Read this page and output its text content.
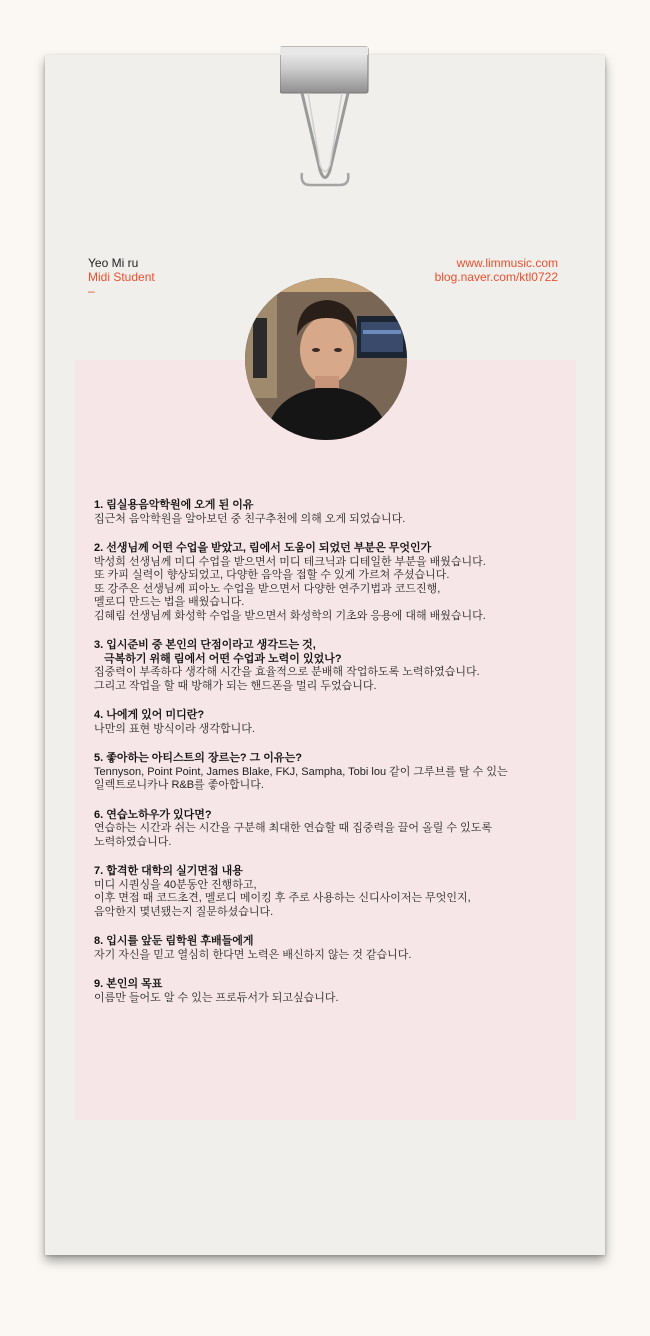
Yeo Mi ru
Midi Student
–
www.limmusic.com
blog.naver.com/ktl0722
1. 림실용음악학원에 오게 된 이유
집근처 음악학원을 알아보던 중 친구추천에 의해 오게 되었습니다.
2. 선생님께 어떤 수업을 받았고, 림에서 도움이 되었던 부분은 무엇인가
박성희 선생님께 미디 수업을 받으면서 미디 테크닉과 디테일한 부분을 배웠습니다.
또 카피 실력이 향상되었고, 다양한 음악을 접할 수 있게 가르쳐 주셨습니다.
또 강주은 선생님께 피아노 수업을 받으면서 다양한 연주기법과 코드진행,
멜로디 만드는 법을 배웠습니다.
김혜림 선생님께 화성학 수업을 받으면서 화성학의 기초와 응용에 대해 배웠습니다.
3. 입시준비 중 본인의 단점이라고 생각드는 것,
극복하기 위해 림에서 어떤 수업과 노력이 있었나?
집중력이 부족하다 생각해 시간을 효율적으로 분배해 작업하도록 노력하였습니다.
그리고 작업을 할 때 방해가 되는 핸드폰을 멀리 두었습니다.
4. 나에게 있어 미디란?
나만의 표현 방식이라 생각합니다.
5. 좋아하는 아티스트의 장르는? 그 이유는?
Tennyson, Point Point, James Blake, FKJ, Sampha, Tobi lou 같이 그루브를 탈 수 있는
일렉트로니카나 R&B를 좋아합니다.
6. 연습노하우가 있다면?
연습하는 시간과 쉬는 시간을 구분해 최대한 연습할 때 집중력을 끌어 올릴 수 있도록
노력하였습니다.
7. 합격한 대학의 실기면접 내용
미디 시퀀싱을 40분동안 진행하고,
이후 면접 때 코드초견, 멜로디 메이킹 후 주로 사용하는 신디사이저는 무엇인지,
음악한지 몇년됐는지 질문하셨습니다.
8. 입시를 앞둔 림학원 후배들에게
자기 자신을 믿고 열심히 한다면 노력은 배신하지 않는 것 같습니다.
9. 본인의 목표
이름만 들어도 알 수 있는 프로듀서가 되고싶습니다.
